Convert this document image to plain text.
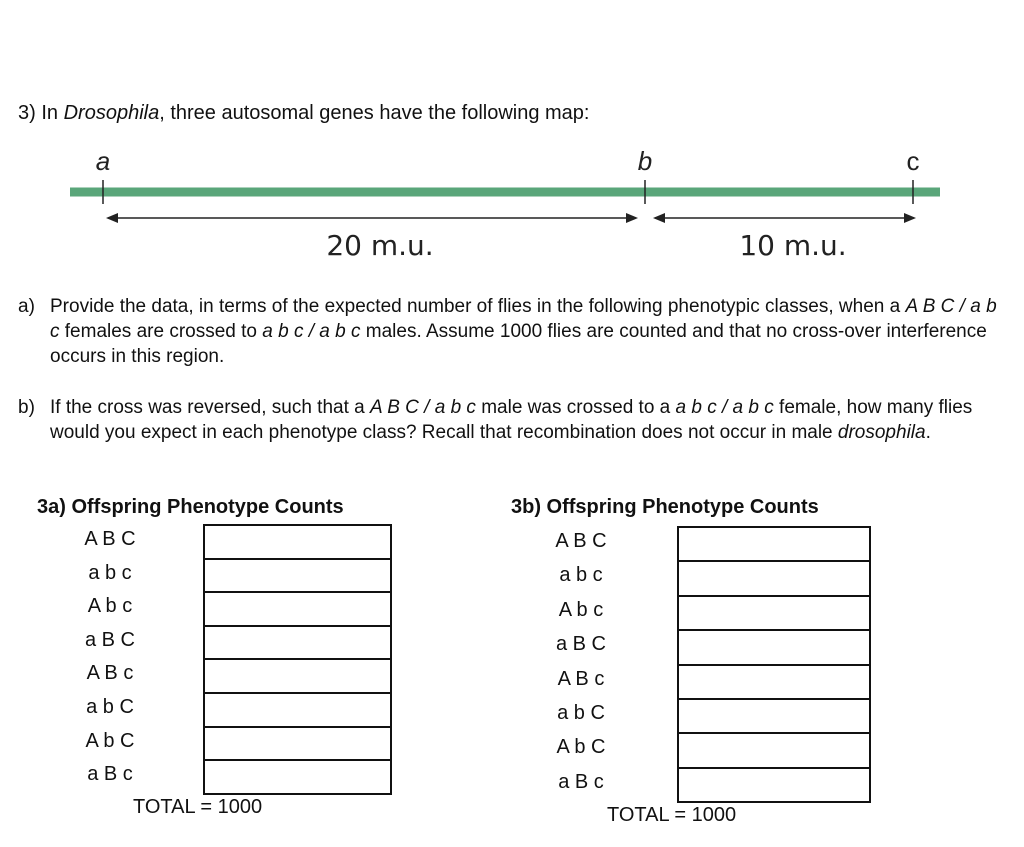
3) In Drosophila, three autosomal genes have the following map:
a	b	c
20 m.u.	10 m.u.
a) Provide the data, in terms of the expected number of flies in the following phenotypic classes, when a A B C / a b c females are crossed to a b c / a b c males. Assume 1000 flies are counted and that no cross-over interference occurs in this region.
b) If the cross was reversed, such that a A B C / a b c male was crossed to a a b c / a b c female, how many flies would you expect in each phenotype class? Recall that recombination does not occur in male drosophila.
3a) Offspring Phenotype Counts
A B C
a b c
A b c
a B C
A B c
a b C
A b C
a B c
TOTAL = 1000
3b) Offspring Phenotype Counts
A B C
a b c
A b c
a B C
A B c
a b C
A b C
a B c
TOTAL = 1000
